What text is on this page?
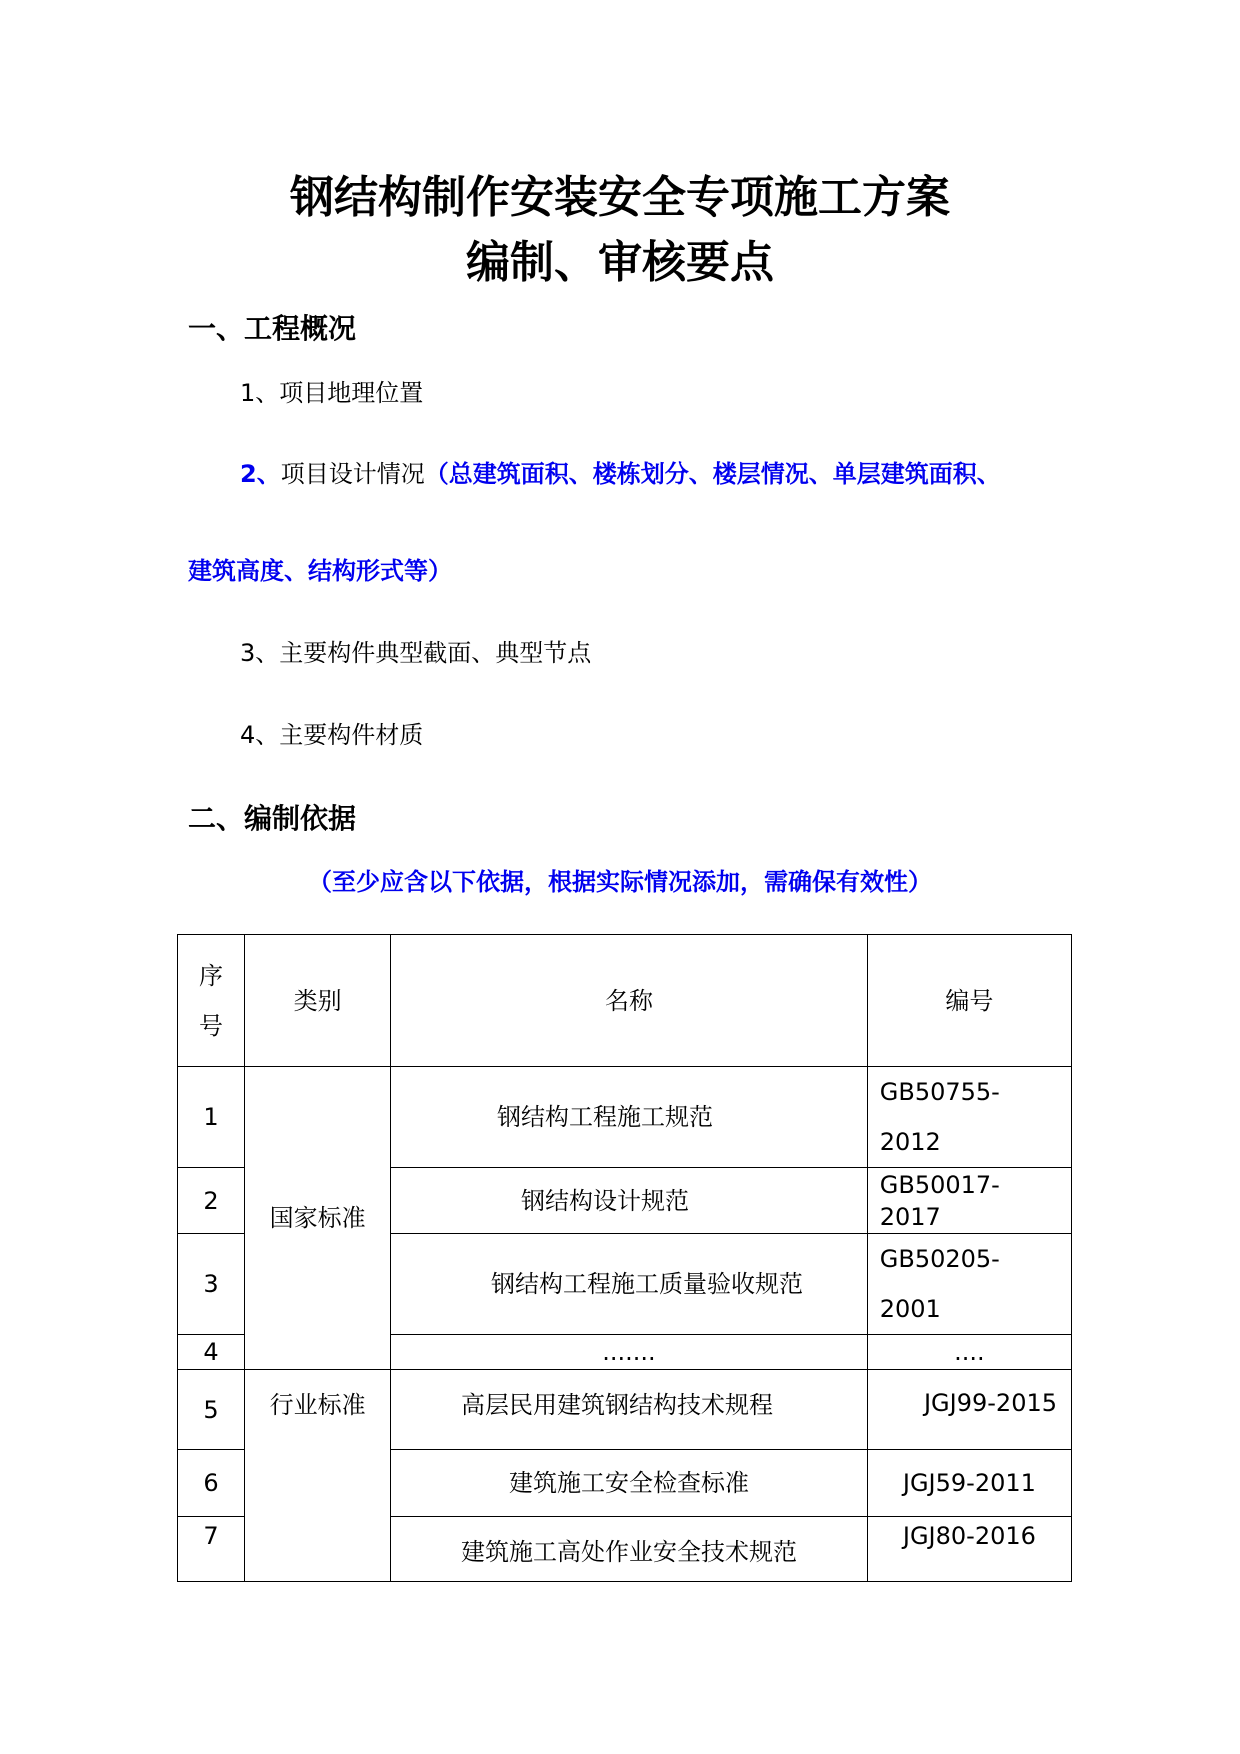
钢结构制作安装安全专项施工方案
编制、审核要点
一、工程概况
1、项目地理位置
2、项目设计情况（总建筑面积、楼栋划分、楼层情况、单层建筑面积、
建筑高度、结构形式等）
3、主要构件典型截面、典型节点
4、主要构件材质
二、编制依据
（至少应含以下依据，根据实际情况添加，需确保有效性）
序
号	类别	名称	编号
1	国家标准	钢结构工程施工规范	GB50755-
2012

2		钢结构设计规范	GB50017-
2017

3		钢结构工程施工质量验收规范	GB50205-
2001

4		.......	....
5	行业标准	高层民用建筑钢结构技术规程	JGJ99-2015
6		建筑施工安全检查标准	JGJ59-2011
7		建筑施工高处作业安全技术规范	JGJ80-2016
